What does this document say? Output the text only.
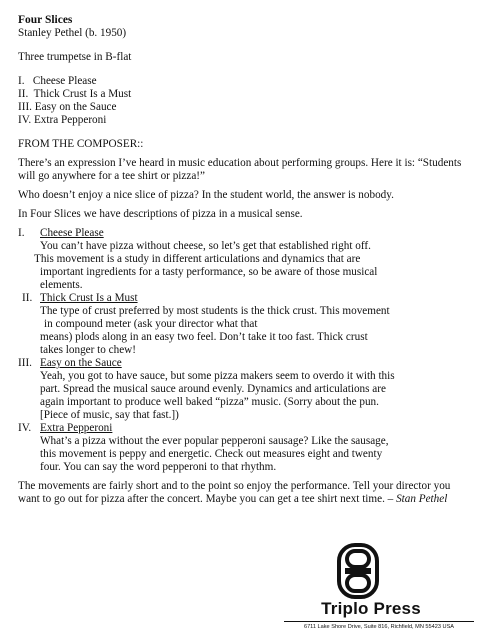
Four Slices

Stanley Pethel (b. 1950)

Three trumpetse in B-flat

I.   Cheese Please

II.  Thick Crust Is a Must

III. Easy on the Sauce

IV. Extra Pepperoni

FROM THE COMPOSER::

There’s an expression I’ve heard in music education about performing groups. Here it is: “Students will go anywhere for a tee shirt or pizza!”

Who doesn’t enjoy a nice slice of pizza? In the student world, the answer is nobody.

In Four Slices we have descriptions of pizza in a musical sense.

I. Cheese Please
You can’t have pizza without cheese, so let’s get that established right off.
This movement is a study in different articulations and dynamics that are
important ingredients for a tasty performance, so be aware of those musical
elements.
II. Thick Crust Is a Must
The type of crust preferred by most students is the thick crust. This movement
in compound meter (ask your director what that
means) plods along in an easy two feel. Don’t take it too fast. Thick crust
takes longer to chew!
III. Easy on the Sauce
Yeah, you got to have sauce, but some pizza makers seem to overdo it with this
part. Spread the musical sauce around evenly. Dynamics and articulations are
again important to produce well baked “pizza” music. (Sorry about the pun.
[Piece of music, say that fast.])
IV. Extra Pepperoni
What’s a pizza without the ever popular pepperoni sausage? Like the sausage,
this movement is peppy and energetic. Check out measures eight and twenty
four. You can say the word pepperoni to that rhythm.

The movements are fairly short and to the point so enjoy the performance. Tell your director you want to go out for pizza after the concert. Maybe you can get a tee shirt next time. – Stan Pethel

Triplo Press
6711 Lake Shore Drive, Suite 816, Richfield, MN 55423 USA
